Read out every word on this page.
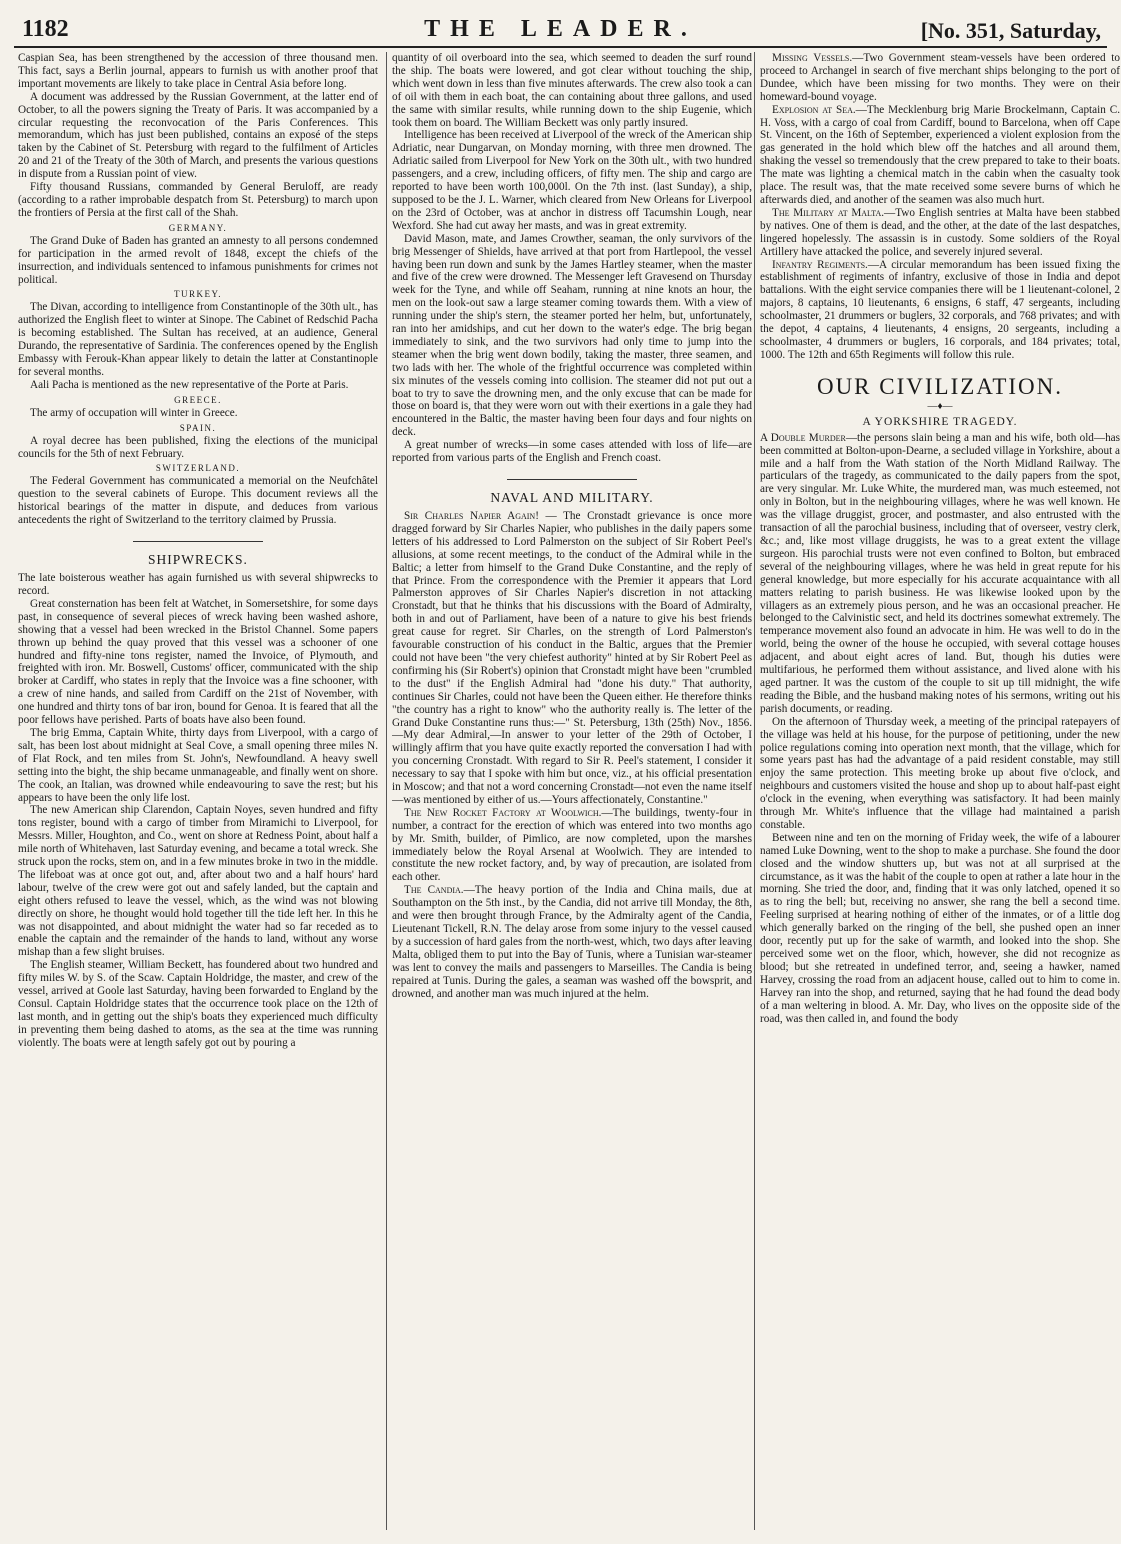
1182	THE LEADER.	[No. 351, Saturday,

Caspian Sea, has been strengthened by the accession of three thousand men. This fact, says a Berlin journal, appears to furnish us with another proof that important movements are likely to take place in Central Asia before long.

A document was addressed by the Russian Government, at the latter end of October, to all the powers signing the Treaty of Paris. It was accompanied by a circular requesting the reconvocation of the Paris Conferences. This memorandum, which has just been published, contains an exposé of the steps taken by the Cabinet of St. Petersburg with regard to the fulfilment of Articles 20 and 21 of the Treaty of the 30th of March, and presents the various questions in dispute from a Russian point of view.

Fifty thousand Russians, commanded by General Beruloff, are ready (according to a rather improbable despatch from St. Petersburg) to march upon the frontiers of Persia at the first call of the Shah.

GERMANY.

The Grand Duke of Baden has granted an amnesty to all persons condemned for participation in the armed revolt of 1848, except the chiefs of the insurrection, and individuals sentenced to infamous punishments for crimes not political.

TURKEY.

The Divan, according to intelligence from Constantinople of the 30th ult., has authorized the English fleet to winter at Sinope. The Cabinet of Redschid Pacha is becoming established. The Sultan has received, at an audience, General Durando, the representative of Sardinia. The conferences opened by the English Embassy with Ferouk-Khan appear likely to detain the latter at Constantinople for several months.

Aali Pacha is mentioned as the new representative of the Porte at Paris.

GREECE.

The army of occupation will winter in Greece.

SPAIN.

A royal decree has been published, fixing the elections of the municipal councils for the 5th of next February.

SWITZERLAND.

The Federal Government has communicated a memorial on the Neufchâtel question to the several cabinets of Europe. This document reviews all the historical bearings of the matter in dispute, and deduces from various antecedents the right of Switzerland to the territory claimed by Prussia.

SHIPWRECKS.

The late boisterous weather has again furnished us with several shipwrecks to record.

Great consternation has been felt at Watchet, in Somersetshire, for some days past, in consequence of several pieces of wreck having been washed ashore, showing that a vessel had been wrecked in the Bristol Channel. Some papers thrown up behind the quay proved that this vessel was a schooner of one hundred and fifty-nine tons register, named the Invoice, of Plymouth, and freighted with iron. Mr. Boswell, Customs' officer, communicated with the ship broker at Cardiff, who states in reply that the Invoice was a fine schooner, with a crew of nine hands, and sailed from Cardiff on the 21st of November, with one hundred and thirty tons of bar iron, bound for Genoa. It is feared that all the poor fellows have perished. Parts of boats have also been found.

The brig Emma, Captain White, thirty days from Liverpool, with a cargo of salt, has been lost about midnight at Seal Cove, a small opening three miles N. of Flat Rock, and ten miles from St. John's, Newfoundland. A heavy swell setting into the bight, the ship became unmanageable, and finally went on shore. The cook, an Italian, was drowned while endeavouring to save the rest; but his appears to have been the only life lost.

The new American ship Clarendon, Captain Noyes, seven hundred and fifty tons register, bound with a cargo of timber from Miramichi to Liverpool, for Messrs. Miller, Houghton, and Co., went on shore at Redness Point, about half a mile north of Whitehaven, last Saturday evening, and became a total wreck. She struck upon the rocks, stem on, and in a few minutes broke in two in the middle. The lifeboat was at once got out, and, after about two and a half hours' hard labour, twelve of the crew were got out and safely landed, but the captain and eight others refused to leave the vessel, which, as the wind was not blowing directly on shore, he thought would hold together till the tide left her. In this he was not disappointed, and about midnight the water had so far receded as to enable the captain and the remainder of the hands to land, without any worse mishap than a few slight bruises.

The English steamer, William Beckett, has foundered about two hundred and fifty miles W. by S. of the Scaw. Captain Holdridge, the master, and crew of the vessel, arrived at Goole last Saturday, having been forwarded to England by the Consul. Captain Holdridge states that the occurrence took place on the 12th of last month, and in getting out the ship's boats they experienced much difficulty in preventing them being dashed to atoms, as the sea at the time was running violently. The boats were at length safely got out by pouring a

quantity of oil overboard into the sea, which seemed to deaden the surf round the ship. The boats were lowered, and got clear without touching the ship, which went down in less than five minutes afterwards. The crew also took a can of oil with them in each boat, the can containing about three gallons, and used the same with similar results, while running down to the ship Eugenie, which took them on board. The William Beckett was only partly insured.

Intelligence has been received at Liverpool of the wreck of the American ship Adriatic, near Dungarvan, on Monday morning, with three men drowned. The Adriatic sailed from Liverpool for New York on the 30th ult., with two hundred passengers, and a crew, including officers, of fifty men. The ship and cargo are reported to have been worth 100,000l. On the 7th inst. (last Sunday), a ship, supposed to be the J. L. Warner, which cleared from New Orleans for Liverpool on the 23rd of October, was at anchor in distress off Tacumshin Lough, near Wexford. She had cut away her masts, and was in great extremity.

David Mason, mate, and James Crowther, seaman, the only survivors of the brig Messenger of Shields, have arrived at that port from Hartlepool, the vessel having been run down and sunk by the James Hartley steamer, when the master and five of the crew were drowned. The Messenger left Gravesend on Thursday week for the Tyne, and while off Seaham, running at nine knots an hour, the men on the look-out saw a large steamer coming towards them. With a view of running under the ship's stern, the steamer ported her helm, but, unfortunately, ran into her amidships, and cut her down to the water's edge. The brig began immediately to sink, and the two survivors had only time to jump into the steamer when the brig went down bodily, taking the master, three seamen, and two lads with her. The whole of the frightful occurrence was completed within six minutes of the vessels coming into collision. The steamer did not put out a boat to try to save the drowning men, and the only excuse that can be made for those on board is, that they were worn out with their exertions in a gale they had encountered in the Baltic, the master having been four days and four nights on deck.

A great number of wrecks—in some cases attended with loss of life—are reported from various parts of the English and French coast.

NAVAL AND MILITARY.

Sir Charles Napier Again! — The Cronstadt grievance is once more dragged forward by Sir Charles Napier, who publishes in the daily papers some letters of his addressed to Lord Palmerston on the subject of Sir Robert Peel's allusions, at some recent meetings, to the conduct of the Admiral while in the Baltic; a letter from himself to the Grand Duke Constantine, and the reply of that Prince. From the correspondence with the Premier it appears that Lord Palmerston approves of Sir Charles Napier's discretion in not attacking Cronstadt, but that he thinks that his discussions with the Board of Admiralty, both in and out of Parliament, have been of a nature to give his best friends great cause for regret. Sir Charles, on the strength of Lord Palmerston's favourable construction of his conduct in the Baltic, argues that the Premier could not have been "the very chiefest authority" hinted at by Sir Robert Peel as confirming his (Sir Robert's) opinion that Cronstadt might have been "crumbled to the dust" if the English Admiral had "done his duty." That authority, continues Sir Charles, could not have been the Queen either. He therefore thinks "the country has a right to know" who the authority really is. The letter of the Grand Duke Constantine runs thus:—" St. Petersburg, 13th (25th) Nov., 1856.—My dear Admiral,—In answer to your letter of the 29th of October, I willingly affirm that you have quite exactly reported the conversation I had with you concerning Cronstadt. With regard to Sir R. Peel's statement, I consider it necessary to say that I spoke with him but once, viz., at his official presentation in Moscow; and that not a word concerning Cronstadt—not even the name itself—was mentioned by either of us.—Yours affectionately, Constantine."

The New Rocket Factory at Woolwich.—The buildings, twenty-four in number, a contract for the erection of which was entered into two months ago by Mr. Smith, builder, of Pimlico, are now completed, upon the marshes immediately below the Royal Arsenal at Woolwich. They are intended to constitute the new rocket factory, and, by way of precaution, are isolated from each other.

The Candia.—The heavy portion of the India and China mails, due at Southampton on the 5th inst., by the Candia, did not arrive till Monday, the 8th, and were then brought through France, by the Admiralty agent of the Candia, Lieutenant Tickell, R.N. The delay arose from some injury to the vessel caused by a succession of hard gales from the north-west, which, two days after leaving Malta, obliged them to put into the Bay of Tunis, where a Tunisian war-steamer was lent to convey the mails and passengers to Marseilles. The Candia is being repaired at Tunis. During the gales, a seaman was washed off the bowsprit, and drowned, and another man was much injured at the helm.

Missing Vessels.—Two Government steam-vessels have been ordered to proceed to Archangel in search of five merchant ships belonging to the port of Dundee, which have been missing for two months. They were on their homeward-bound voyage.

Explosion at Sea.—The Mecklenburg brig Marie Brockelmann, Captain C. H. Voss, with a cargo of coal from Cardiff, bound to Barcelona, when off Cape St. Vincent, on the 16th of September, experienced a violent explosion from the gas generated in the hold which blew off the hatches and all around them, shaking the vessel so tremendously that the crew prepared to take to their boats. The mate was lighting a chemical match in the cabin when the casualty took place. The result was, that the mate received some severe burns of which he afterwards died, and another of the seamen was also much hurt.

The Military at Malta.—Two English sentries at Malta have been stabbed by natives. One of them is dead, and the other, at the date of the last despatches, lingered hopelessly. The assassin is in custody. Some soldiers of the Royal Artillery have attacked the police, and severely injured several.

Infantry Regiments.—A circular memorandum has been issued fixing the establishment of regiments of infantry, exclusive of those in India and depot battalions. With the eight service companies there will be 1 lieutenant-colonel, 2 majors, 8 captains, 10 lieutenants, 6 ensigns, 6 staff, 47 sergeants, including schoolmaster, 21 drummers or buglers, 32 corporals, and 768 privates; and with the depot, 4 captains, 4 lieutenants, 4 ensigns, 20 sergeants, including a schoolmaster, 4 drummers or buglers, 16 corporals, and 184 privates; total, 1000. The 12th and 65th Regiments will follow this rule.

OUR CIVILIZATION.
—♦—
A YORKSHIRE TRAGEDY.

A Double Murder—the persons slain being a man and his wife, both old—has been committed at Bolton-upon-Dearne, a secluded village in Yorkshire, about a mile and a half from the Wath station of the North Midland Railway. The particulars of the tragedy, as communicated to the daily papers from the spot, are very singular. Mr. Luke White, the murdered man, was much esteemed, not only in Bolton, but in the neighbouring villages, where he was well known. He was the village druggist, grocer, and postmaster, and also entrusted with the transaction of all the parochial business, including that of overseer, vestry clerk, &c.; and, like most village druggists, he was to a great extent the village surgeon. His parochial trusts were not even confined to Bolton, but embraced several of the neighbouring villages, where he was held in great repute for his general knowledge, but more especially for his accurate acquaintance with all matters relating to parish business. He was likewise looked upon by the villagers as an extremely pious person, and he was an occasional preacher. He belonged to the Calvinistic sect, and held its doctrines somewhat extremely. The temperance movement also found an advocate in him. He was well to do in the world, being the owner of the house he occupied, with several cottage houses adjacent, and about eight acres of land. But, though his duties were multifarious, he performed them without assistance, and lived alone with his aged partner. It was the custom of the couple to sit up till midnight, the wife reading the Bible, and the husband making notes of his sermons, writing out his parish documents, or reading.

On the afternoon of Thursday week, a meeting of the principal ratepayers of the village was held at his house, for the purpose of petitioning, under the new police regulations coming into operation next month, that the village, which for some years past has had the advantage of a paid resident constable, may still enjoy the same protection. This meeting broke up about five o'clock, and neighbours and customers visited the house and shop up to about half-past eight o'clock in the evening, when everything was satisfactory. It had been mainly through Mr. White's influence that the village had maintained a parish constable.

Between nine and ten on the morning of Friday week, the wife of a labourer named Luke Downing, went to the shop to make a purchase. She found the door closed and the window shutters up, but was not at all surprised at the circumstance, as it was the habit of the couple to open at rather a late hour in the morning. She tried the door, and, finding that it was only latched, opened it so as to ring the bell; but, receiving no answer, she rang the bell a second time. Feeling surprised at hearing nothing of either of the inmates, or of a little dog which generally barked on the ringing of the bell, she pushed open an inner door, recently put up for the sake of warmth, and looked into the shop. She perceived some wet on the floor, which, however, she did not recognize as blood; but she retreated in undefined terror, and, seeing a hawker, named Harvey, crossing the road from an adjacent house, called out to him to come in. Harvey ran into the shop, and returned, saying that he had found the dead body of a man weltering in blood. A. Mr. Day, who lives on the opposite side of the road, was then called in, and found the body
